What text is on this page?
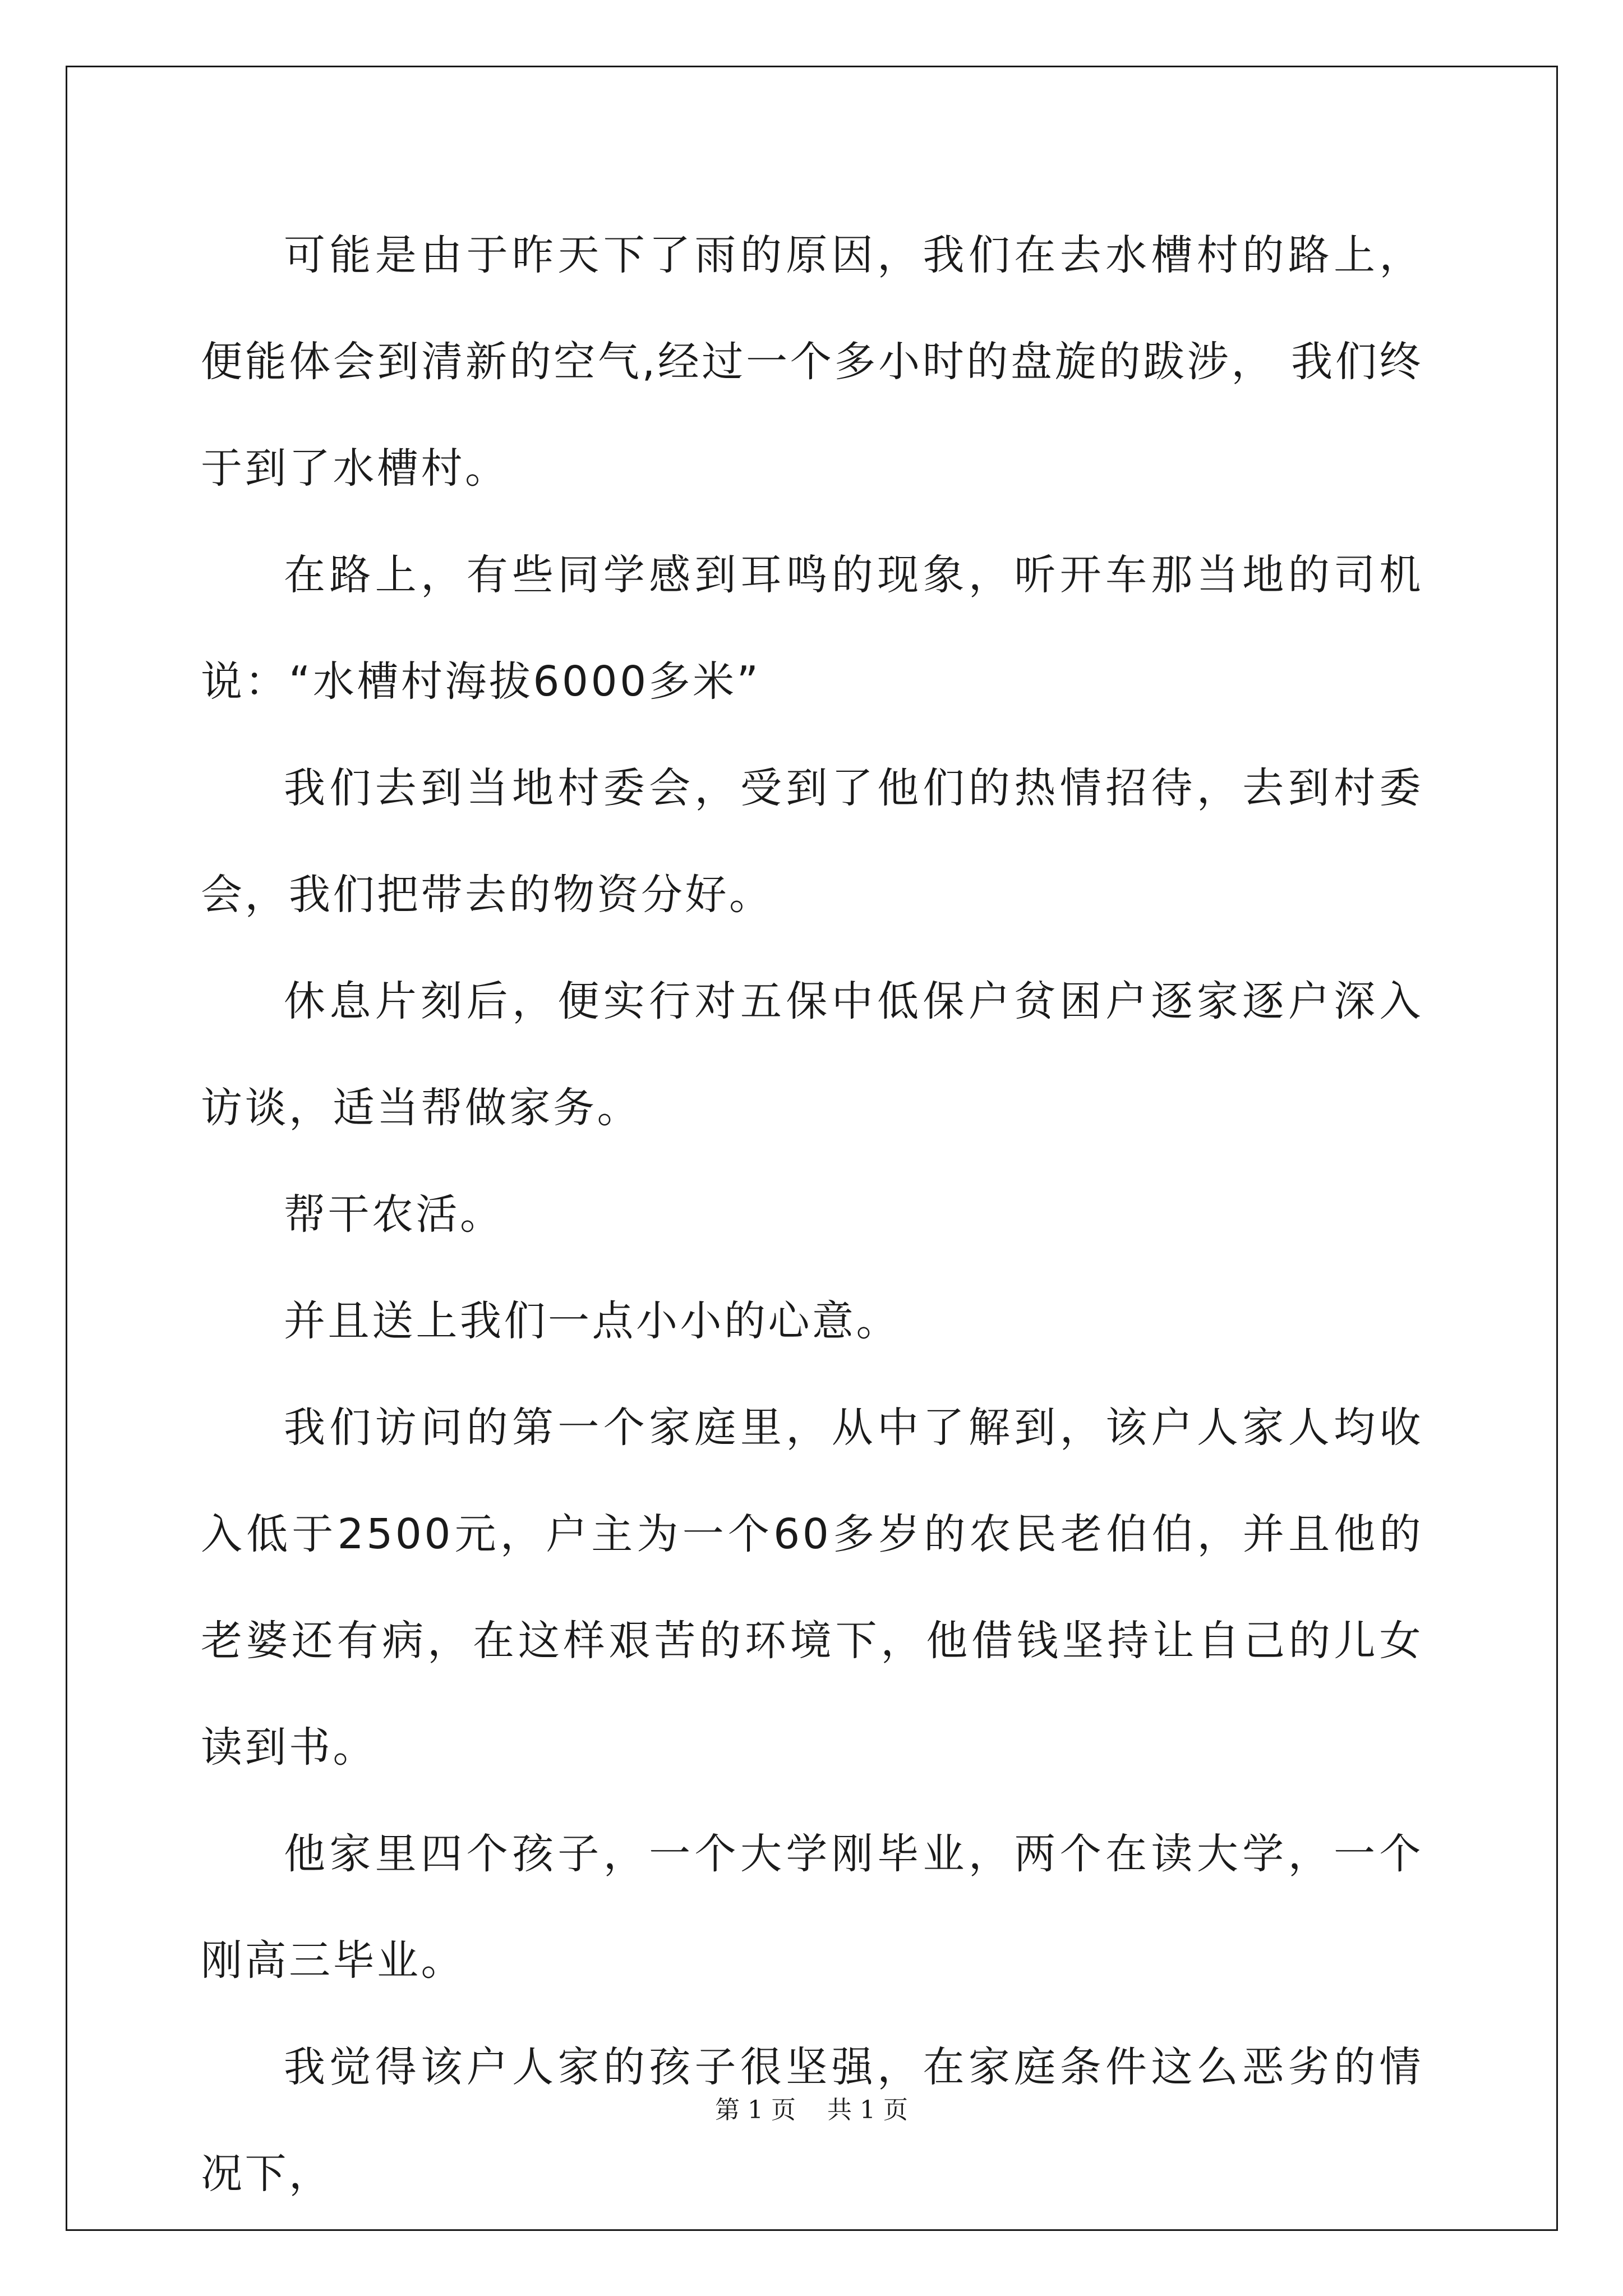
可能是由于昨天下了雨的原因，我们在去水槽村的路上，便能体会到清新的空气,经过一个多小时的盘旋的跋涉， 我们终于到了水槽村。

在路上，有些同学感到耳鸣的现象，听开车那当地的司机说：“水槽村海拔6000多米”

我们去到当地村委会，受到了他们的热情招待，去到村委会，我们把带去的物资分好。

休息片刻后，便实行对五保中低保户贫困户逐家逐户深入访谈，适当帮做家务。

帮干农活。

并且送上我们一点小小的心意。

我们访问的第一个家庭里，从中了解到，该户人家人均收入低于2500元，户主为一个60多岁的农民老伯伯，并且他的老婆还有病，在这样艰苦的环境下，他借钱坚持让自己的儿女读到书。

他家里四个孩子，一个大学刚毕业，两个在读大学，一个刚高三毕业。

我觉得该户人家的孩子很坚强，在家庭条件这么恶劣的情况下，

第 1 页 共 1 页
